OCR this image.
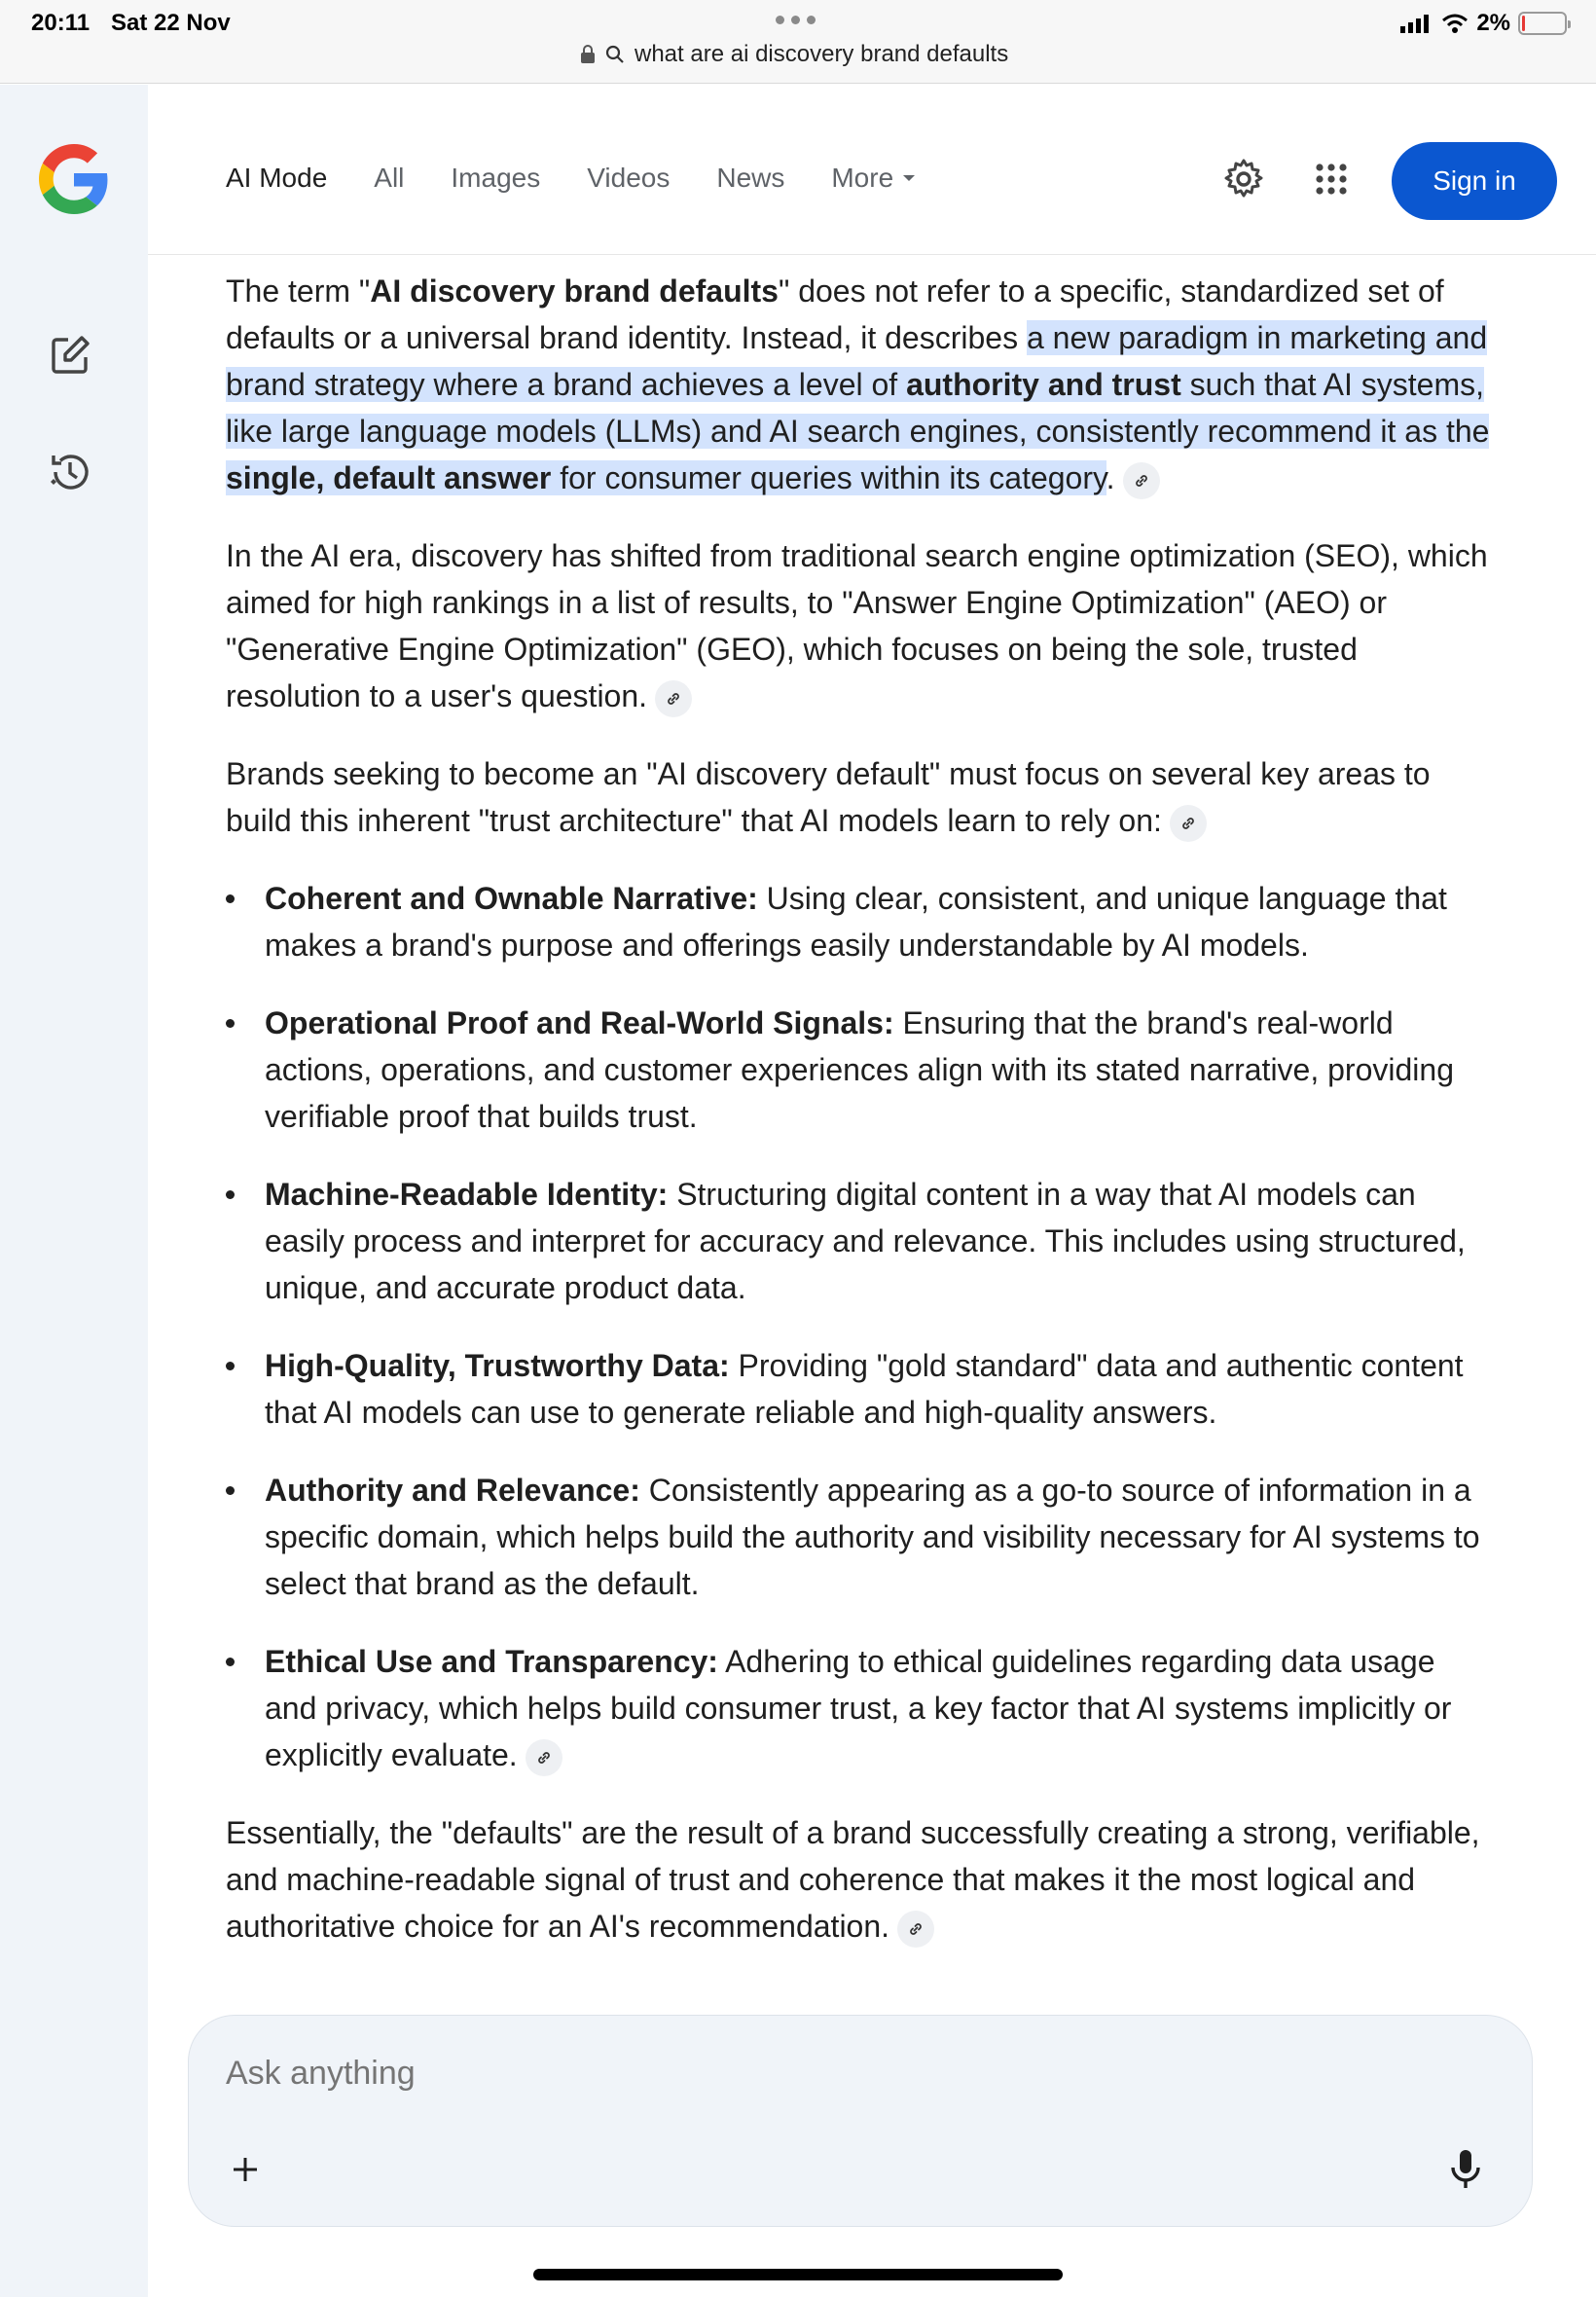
20:11 Sat 22 Nov
what are ai discovery brand defaults
2%
AI Mode All Images Videos News More	Sign in

The term "AI discovery brand defaults" does not refer to a specific, standardized set of defaults or a universal brand identity. Instead, it describes a new paradigm in marketing and brand strategy where a brand achieves a level of authority and trust such that AI systems, like large language models (LLMs) and AI search engines, consistently recommend it as the single, default answer for consumer queries within its category.

In the AI era, discovery has shifted from traditional search engine optimization (SEO), which aimed for high rankings in a list of results, to "Answer Engine Optimization" (AEO) or "Generative Engine Optimization" (GEO), which focuses on being the sole, trusted resolution to a user's question.

Brands seeking to become an "AI discovery default" must focus on several key areas to build this inherent "trust architecture" that AI models learn to rely on:

Coherent and Ownable Narrative: Using clear, consistent, and unique language that makes a brand's purpose and offerings easily understandable by AI models.
Operational Proof and Real-World Signals: Ensuring that the brand's real-world actions, operations, and customer experiences align with its stated narrative, providing verifiable proof that builds trust.
Machine-Readable Identity: Structuring digital content in a way that AI models can easily process and interpret for accuracy and relevance. This includes using structured, unique, and accurate product data.
High-Quality, Trustworthy Data: Providing "gold standard" data and authentic content that AI models can use to generate reliable and high-quality answers.
Authority and Relevance: Consistently appearing as a go-to source of information in a specific domain, which helps build the authority and visibility necessary for AI systems to select that brand as the default.
Ethical Use and Transparency: Adhering to ethical guidelines regarding data usage and privacy, which helps build consumer trust, a key factor that AI systems implicitly or explicitly evaluate.

Essentially, the "defaults" are the result of a brand successfully creating a strong, verifiable, and machine-readable signal of trust and coherence that makes it the most logical and authoritative choice for an AI's recommendation.

Ask anything
